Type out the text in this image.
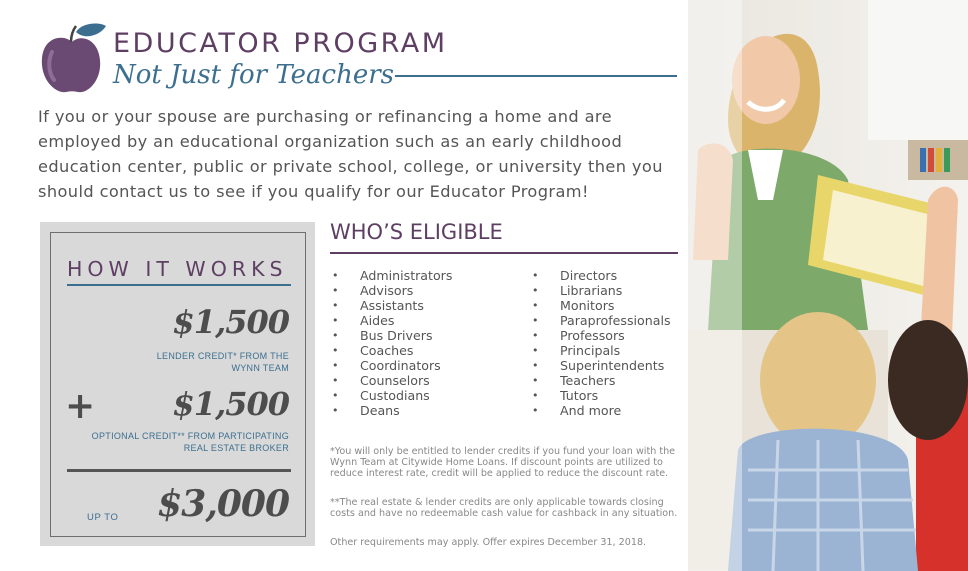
EDUCATOR PROGRAM
Not Just for Teachers

If you or your spouse are purchasing or refinancing a home and are employed by an educational organization such as an early childhood education center, public or private school, college, or university then you should contact us to see if you qualify for our Educator Program!

HOW IT WORKS
$1,500
LENDER CREDIT* FROM THE WYNN TEAM
+ $1,500
OPTIONAL CREDIT** FROM PARTICIPATING REAL ESTATE BROKER
UP TO $3,000
WHO’S ELIGIBLE
• Administrators
• Advisors
• Assistants
• Aides
• Bus Drivers
• Coaches
• Coordinators
• Counselors
• Custodians
• Deans
• Directors
• Librarians
• Monitors
• Paraprofessionals
• Professors
• Principals
• Superintendents
• Teachers
• Tutors
• And more

*You will only be entitled to lender credits if you fund your loan with the Wynn Team at Citywide Home Loans. If discount points are utilized to reduce interest rate, credit will be applied to reduce the discount rate.

**The real estate & lender credits are only applicable towards closing costs and have no redeemable cash value for cashback in any situation.

Other requirements may apply. Offer expires December 31, 2018.
